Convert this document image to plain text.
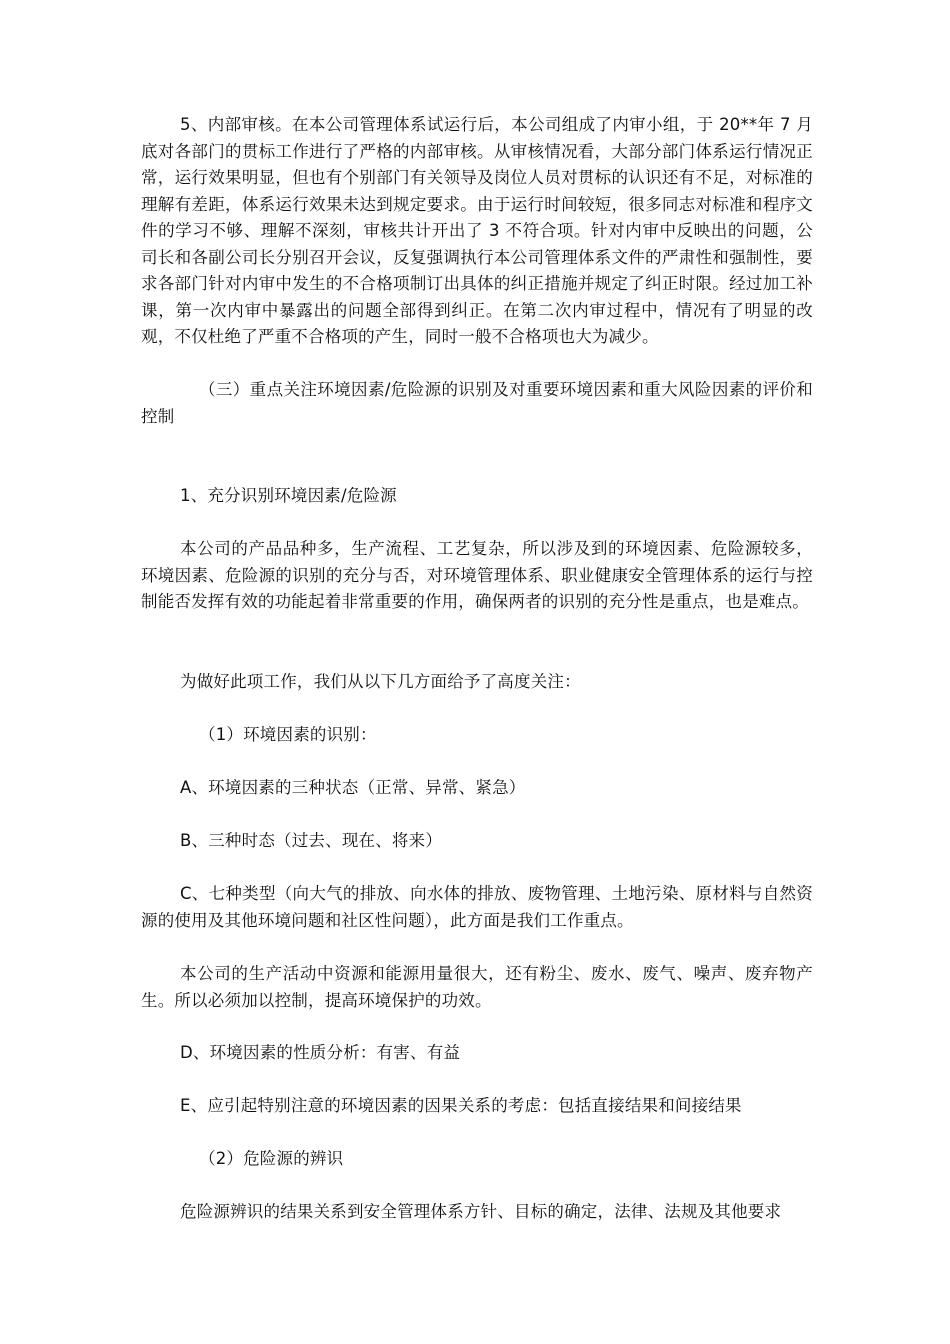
5、内部审核。在本公司管理体系试运行后，本公司组成了内审小组，于 20**年 7 月底对各部门的贯标工作进行了严格的内部审核。从审核情况看，大部分部门体系运行情况正常，运行效果明显，但也有个别部门有关领导及岗位人员对贯标的认识还有不足，对标准的理解有差距，体系运行效果未达到规定要求。由于运行时间较短，很多同志对标准和程序文件的学习不够、理解不深刻，审核共计开出了 3 不符合项。针对内审中反映出的问题，公司长和各副公司长分别召开会议，反复强调执行本公司管理体系文件的严肃性和强制性，要求各部门针对内审中发生的不合格项制订出具体的纠正措施并规定了纠正时限。经过加工补课，第一次内审中暴露出的问题全部得到纠正。在第二次内审过程中，情况有了明显的改观，不仅杜绝了严重不合格项的产生，同时一般不合格项也大为减少。

（三）重点关注环境因素/危险源的识别及对重要环境因素和重大风险因素的评价和控制

1、充分识别环境因素/危险源

本公司的产品品种多，生产流程、工艺复杂，所以涉及到的环境因素、危险源较多，环境因素、危险源的识别的充分与否，对环境管理体系、职业健康安全管理体系的运行与控制能否发挥有效的功能起着非常重要的作用，确保两者的识别的充分性是重点，也是难点。

为做好此项工作，我们从以下几方面给予了高度关注：

（1）环境因素的识别：

A、环境因素的三种状态（正常、异常、紧急）

B、三种时态（过去、现在、将来）

C、七种类型（向大气的排放、向水体的排放、废物管理、土地污染、原材料与自然资源的使用及其他环境问题和社区性问题），此方面是我们工作重点。

本公司的生产活动中资源和能源用量很大，还有粉尘、废水、废气、噪声、废弃物产生。所以必须加以控制，提高环境保护的功效。

D、环境因素的性质分析：有害、有益

E、应引起特别注意的环境因素的因果关系的考虑：包括直接结果和间接结果

（2）危险源的辨识

危险源辨识的结果关系到安全管理体系方针、目标的确定，法律、法规及其他要求
